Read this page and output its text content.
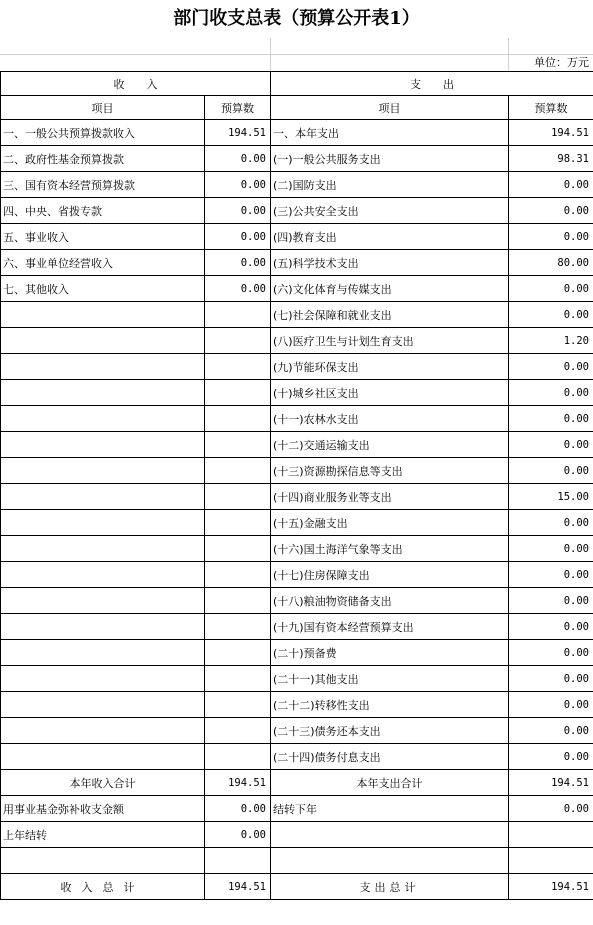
部门收支总表（预算公开表1）
单位：万元
收　　入		支　　出	
项目	预算数	项目	预算数
一、一般公共预算拨款收入	194.51	一、本年支出	194.51
二、政府性基金预算拨款	0.00	(一)一般公共服务支出	98.31
三、国有资本经营预算拨款	0.00	(二)国防支出	0.00
四、中央、省拨专款	0.00	(三)公共安全支出	0.00
五、事业收入	0.00	(四)教育支出	0.00
六、事业单位经营收入	0.00	(五)科学技术支出	80.00
七、其他收入	0.00	(六)文化体育与传媒支出	0.00
		(七)社会保障和就业支出	0.00
		(八)医疗卫生与计划生育支出	1.20
		(九)节能环保支出	0.00
		(十)城乡社区支出	0.00
		(十一)农林水支出	0.00
		(十二)交通运输支出	0.00
		(十三)资源勘探信息等支出	0.00
		(十四)商业服务业等支出	15.00
		(十五)金融支出	0.00
		(十六)国土海洋气象等支出	0.00
		(十七)住房保障支出	0.00
		(十八)粮油物资储备支出	0.00
		(十九)国有资本经营预算支出	0.00
		(二十)预备费	0.00
		(二十一)其他支出	0.00
		(二十二)转移性支出	0.00
		(二十三)债务还本支出	0.00
		(二十四)债务付息支出	0.00
本年收入合计	194.51	本年支出合计	194.51
用事业基金弥补收支金额	0.00	结转下年	0.00
上年结转	0.00		

收入总计	194.51	支出总计	194.51
